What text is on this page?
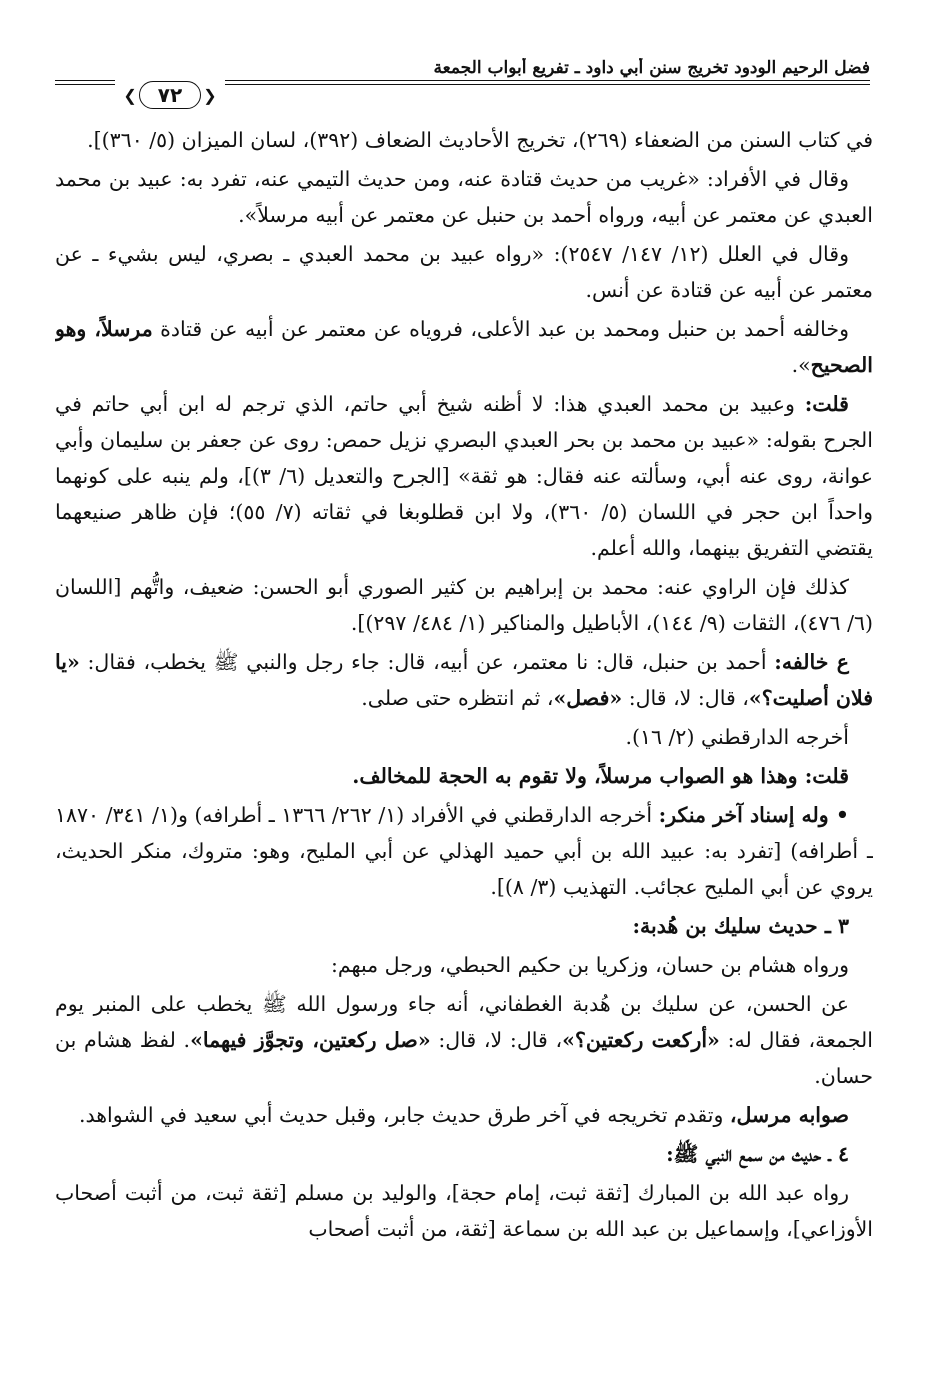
فضل الرحيم الودود تخريج سنن أبي داود ـ تفريع أبواب الجمعة
❮	٧٢	❯

في كتاب السنن من الضعفاء (٢٦٩)، تخريج الأحاديث الضعاف (٣٩٢)، لسان الميزان (٥/ ٣٦٠)].

وقال في الأفراد: «غريب من حديث قتادة عنه، ومن حديث التيمي عنه، تفرد به: عبيد بن محمد العبدي عن معتمر عن أبيه، ورواه أحمد بن حنبل عن معتمر عن أبيه مرسلاً».

وقال في العلل (١٢/ ١٤٧/ ٢٥٤٧): «رواه عبيد بن محمد العبدي ـ بصري، ليس بشيء ـ عن معتمر عن أبيه عن قتادة عن أنس.

وخالفه أحمد بن حنبل ومحمد بن عبد الأعلى، فروياه عن معتمر عن أبيه عن قتادة مرسلاً، وهو الصحيح».

قلت: وعبيد بن محمد العبدي هذا: لا أظنه شيخ أبي حاتم، الذي ترجم له ابن أبي حاتم في الجرح بقوله: «عبيد بن محمد بن بحر العبدي البصري نزيل حمص: روى عن جعفر بن سليمان وأبي عوانة، روى عنه أبي، وسألته عنه فقال: هو ثقة» [الجرح والتعديل (٦/ ٣)]، ولم ينبه على كونهما واحداً ابن حجر في اللسان (٥/ ٣٦٠)، ولا ابن قطلوبغا في ثقاته (٧/ ٥٥)؛ فإن ظاهر صنيعهما يقتضي التفريق بينهما، والله أعلم.

كذلك فإن الراوي عنه: محمد بن إبراهيم بن كثير الصوري أبو الحسن: ضعيف، واتُّهم [اللسان (٦/ ٤٧٦)، الثقات (٩/ ١٤٤)، الأباطيل والمناكير (١/ ٤٨٤/ ٢٩٧)].

ع خالفه: أحمد بن حنبل، قال: نا معتمر، عن أبيه، قال: جاء رجل والنبي ﷺ يخطب، فقال: «يا فلان أصليت؟»، قال: لا، قال: «فصل»، ثم انتظره حتى صلى.

أخرجه الدارقطني (٢/ ١٦).

قلت: وهذا هو الصواب مرسلاً، ولا تقوم به الحجة للمخالف.

• وله إسناد آخر منكر: أخرجه الدارقطني في الأفراد (١/ ٢٦٢/ ١٣٦٦ ـ أطرافه) و(١/ ٣٤١/ ١٨٧٠ ـ أطرافه) [تفرد به: عبيد الله بن أبي حميد الهذلي عن أبي المليح، وهو: متروك، منكر الحديث، يروي عن أبي المليح عجائب. التهذيب (٣/ ٨)].

٣ ـ حديث سليك بن هُدبة:

ورواه هشام بن حسان، وزكريا بن حكيم الحبطي، ورجل مبهم:

عن الحسن، عن سليك بن هُدبة الغطفاني، أنه جاء ورسول الله ﷺ يخطب على المنبر يوم الجمعة، فقال له: «أركعت ركعتين؟»، قال: لا، قال: «صل ركعتين، وتجوَّز فيهما». لفظ هشام بن حسان.

صوابه مرسل، وتقدم تخريجه في آخر طرق حديث جابر، وقبل حديث أبي سعيد في الشواهد.

٤ ـ حديث من سمع النبي ﷺ:

رواه عبد الله بن المبارك [ثقة ثبت، إمام حجة]، والوليد بن مسلم [ثقة ثبت، من أثبت أصحاب الأوزاعي]، وإسماعيل بن عبد الله بن سماعة [ثقة، من أثبت أصحاب
